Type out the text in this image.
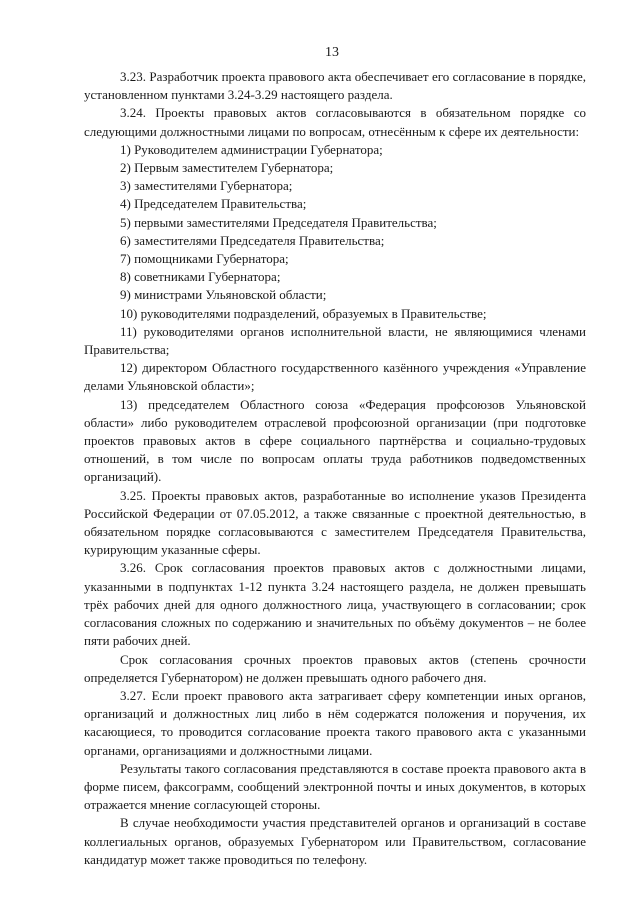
13

3.23. Разработчик проекта правового акта обеспечивает его согласование в порядке, установленном пунктами 3.24-3.29 настоящего раздела.

3.24. Проекты правовых актов согласовываются в обязательном порядке со следующими должностными лицами по вопросам, отнесённым к сфере их деятельности:

1) Руководителем администрации Губернатора;

2) Первым заместителем Губернатора;

3) заместителями Губернатора;

4) Председателем Правительства;

5) первыми заместителями Председателя Правительства;

6) заместителями Председателя Правительства;

7) помощниками Губернатора;

8) советниками Губернатора;

9) министрами Ульяновской области;

10) руководителями подразделений, образуемых в Правительстве;

11) руководителями органов исполнительной власти, не являющимися членами Правительства;

12) директором Областного государственного казённого учреждения «Управление делами Ульяновской области»;

13) председателем Областного союза «Федерация профсоюзов Ульяновской области» либо руководителем отраслевой профсоюзной организации (при подготовке проектов правовых актов в сфере социального партнёрства и социально-трудовых отношений, в том числе по вопросам оплаты труда работников подведомственных организаций).

3.25. Проекты правовых актов, разработанные во исполнение указов Президента Российской Федерации от 07.05.2012, а также связанные с проектной деятельностью, в обязательном порядке согласовываются с заместителем Председателя Правительства, курирующим указанные сферы.

3.26. Срок согласования проектов правовых актов с должностными лицами, указанными в подпунктах 1-12 пункта 3.24 настоящего раздела, не должен превышать трёх рабочих дней для одного должностного лица, участвующего в согласовании; срок согласования сложных по содержанию и значительных по объёму документов – не более пяти рабочих дней.

Срок согласования срочных проектов правовых актов (степень срочности определяется Губернатором) не должен превышать одного рабочего дня.

3.27. Если проект правового акта затрагивает сферу компетенции иных органов, организаций и должностных лиц либо в нём содержатся положения и поручения, их касающиеся, то проводится согласование проекта такого правового акта с указанными органами, организациями и должностными лицами.

Результаты такого согласования представляются в составе проекта правового акта в форме писем, факсограмм, сообщений электронной почты и иных документов, в которых отражается мнение согласующей стороны.

В случае необходимости участия представителей органов и организаций в составе коллегиальных органов, образуемых Губернатором или Правительством, согласование кандидатур может также проводиться по телефону.
